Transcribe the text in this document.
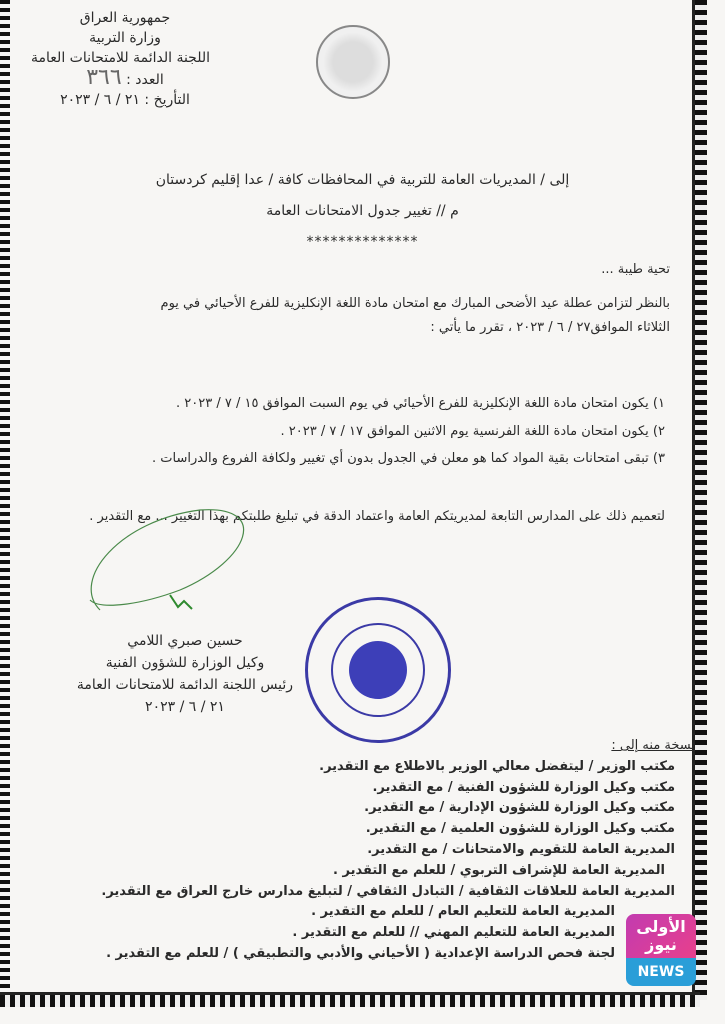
جمهورية العراق
وزارة التربية
اللجنة الدائمة للامتحانات العامة
العدد : ٣٦٦
التأريخ : ٢١ / ٦ / ٢٠٢٣
إلى / المديريات العامة للتربية في المحافظات كافة / عدا إقليم كردستان
م // تغيير جدول الامتحانات العامة
**************
تحية طيبة ...
بالنظر لتزامن عطلة عيد الأضحى المبارك مع امتحان مادة اللغة الإنكليزية للفرع الأحيائي في يوم
الثلاثاء الموافق٢٧ / ٦ / ٢٠٢٣ ، تقرر ما يأتي :
١) يكون امتحان مادة اللغة الإنكليزية للفرع الأحيائي في يوم السبت الموافق ١٥ / ٧ / ٢٠٢٣ .
٢) يكون امتحان مادة اللغة الفرنسية يوم الاثنين الموافق ١٧ / ٧ / ٢٠٢٣ .
٣) تبقى امتحانات بقية المواد كما هو معلن في الجدول بدون أي تغيير ولكافة الفروع والدراسات .
لتعميم ذلك على المدارس التابعة لمديريتكم العامة واعتماد الدقة في تبليغ طلبتكم بهذا التغيير ... مع التقدير .
حسين صبري اللامي
وكيل الوزارة للشؤون الفنية
رئيس اللجنة الدائمة للامتحانات العامة
٢١ / ٦ / ٢٠٢٣
نسخة منه إلى :
مكتب الوزير / ليتفضل معالي الوزير بالاطلاع مع التقدير.
مكتب وكيل الوزارة للشؤون الفنية / مع التقدير.
مكتب وكيل الوزارة للشؤون الإدارية / مع التقدير.
مكتب وكيل الوزارة للشؤون العلمية / مع التقدير.
المديرية العامة للتقويم والامتحانات / مع التقدير.
المديرية العامة للإشراف التربوي / للعلم مع التقدير .
المديرية العامة للعلاقات الثقافية / التبادل الثقافي / لتبليغ مدارس خارج العراق مع التقدير.
المديرية العامة للتعليم العام / للعلم مع التقدير .
المديرية العامة للتعليم المهني // للعلم مع التقدير .
لجنة فحص الدراسة الإعدادية ( الأحياني والأدبي والتطبيقي ) / للعلم مع التقدير .
الأولى نيوز
NEWS
